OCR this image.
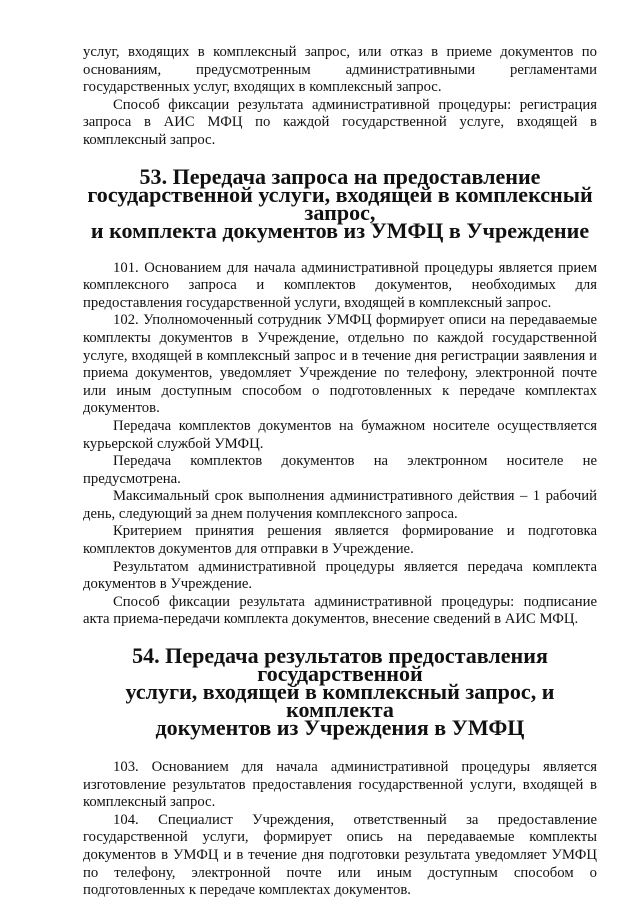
услуг, входящих в комплексный запрос, или отказ в приеме документов по основаниям, предусмотренным административными регламентами государственных услуг, входящих в комплексный запрос.

Способ фиксации результата административной процедуры: регистрация запроса в АИС МФЦ по каждой государственной услуге, входящей в комплексный запрос.

53. Передача запроса на предоставление
государственной услуги, входящей в комплексный запрос,
и комплекта документов из УМФЦ в Учреждение

101. Основанием для начала административной процедуры является прием комплексного запроса и комплектов документов, необходимых для предоставления государственной услуги, входящей в комплексный запрос.

102. Уполномоченный сотрудник УМФЦ формирует описи на передаваемые комплекты документов в Учреждение, отдельно по каждой государственной услуге, входящей в комплексный запрос и в течение дня регистрации заявления и приема документов, уведомляет Учреждение по телефону, электронной почте или иным доступным способом о подготовленных к передаче комплектах документов.

Передача комплектов документов на бумажном носителе осуществляется курьерской службой УМФЦ.

Передача комплектов документов на электронном носителе не предусмотрена.

Максимальный срок выполнения административного действия – 1 рабочий день, следующий за днем получения комплексного запроса.

Критерием принятия решения является формирование и подготовка комплектов документов для отправки в Учреждение.

Результатом административной процедуры является передача комплекта документов в Учреждение.

Способ фиксации результата административной процедуры: подписание акта приема-передачи комплекта документов, внесение сведений в АИС МФЦ.

54. Передача результатов предоставления государственной
услуги, входящей в комплексный запрос, и комплекта
документов из Учреждения в УМФЦ

103. Основанием для начала административной процедуры является изготовление результатов предоставления государственной услуги, входящей в комплексный запрос.

104. Специалист Учреждения, ответственный за предоставление государственной услуги, формирует опись на передаваемые комплекты документов в УМФЦ и в течение дня подготовки результата уведомляет УМФЦ по телефону, электронной почте или иным доступным способом о подготовленных к передаче комплектах документов.
